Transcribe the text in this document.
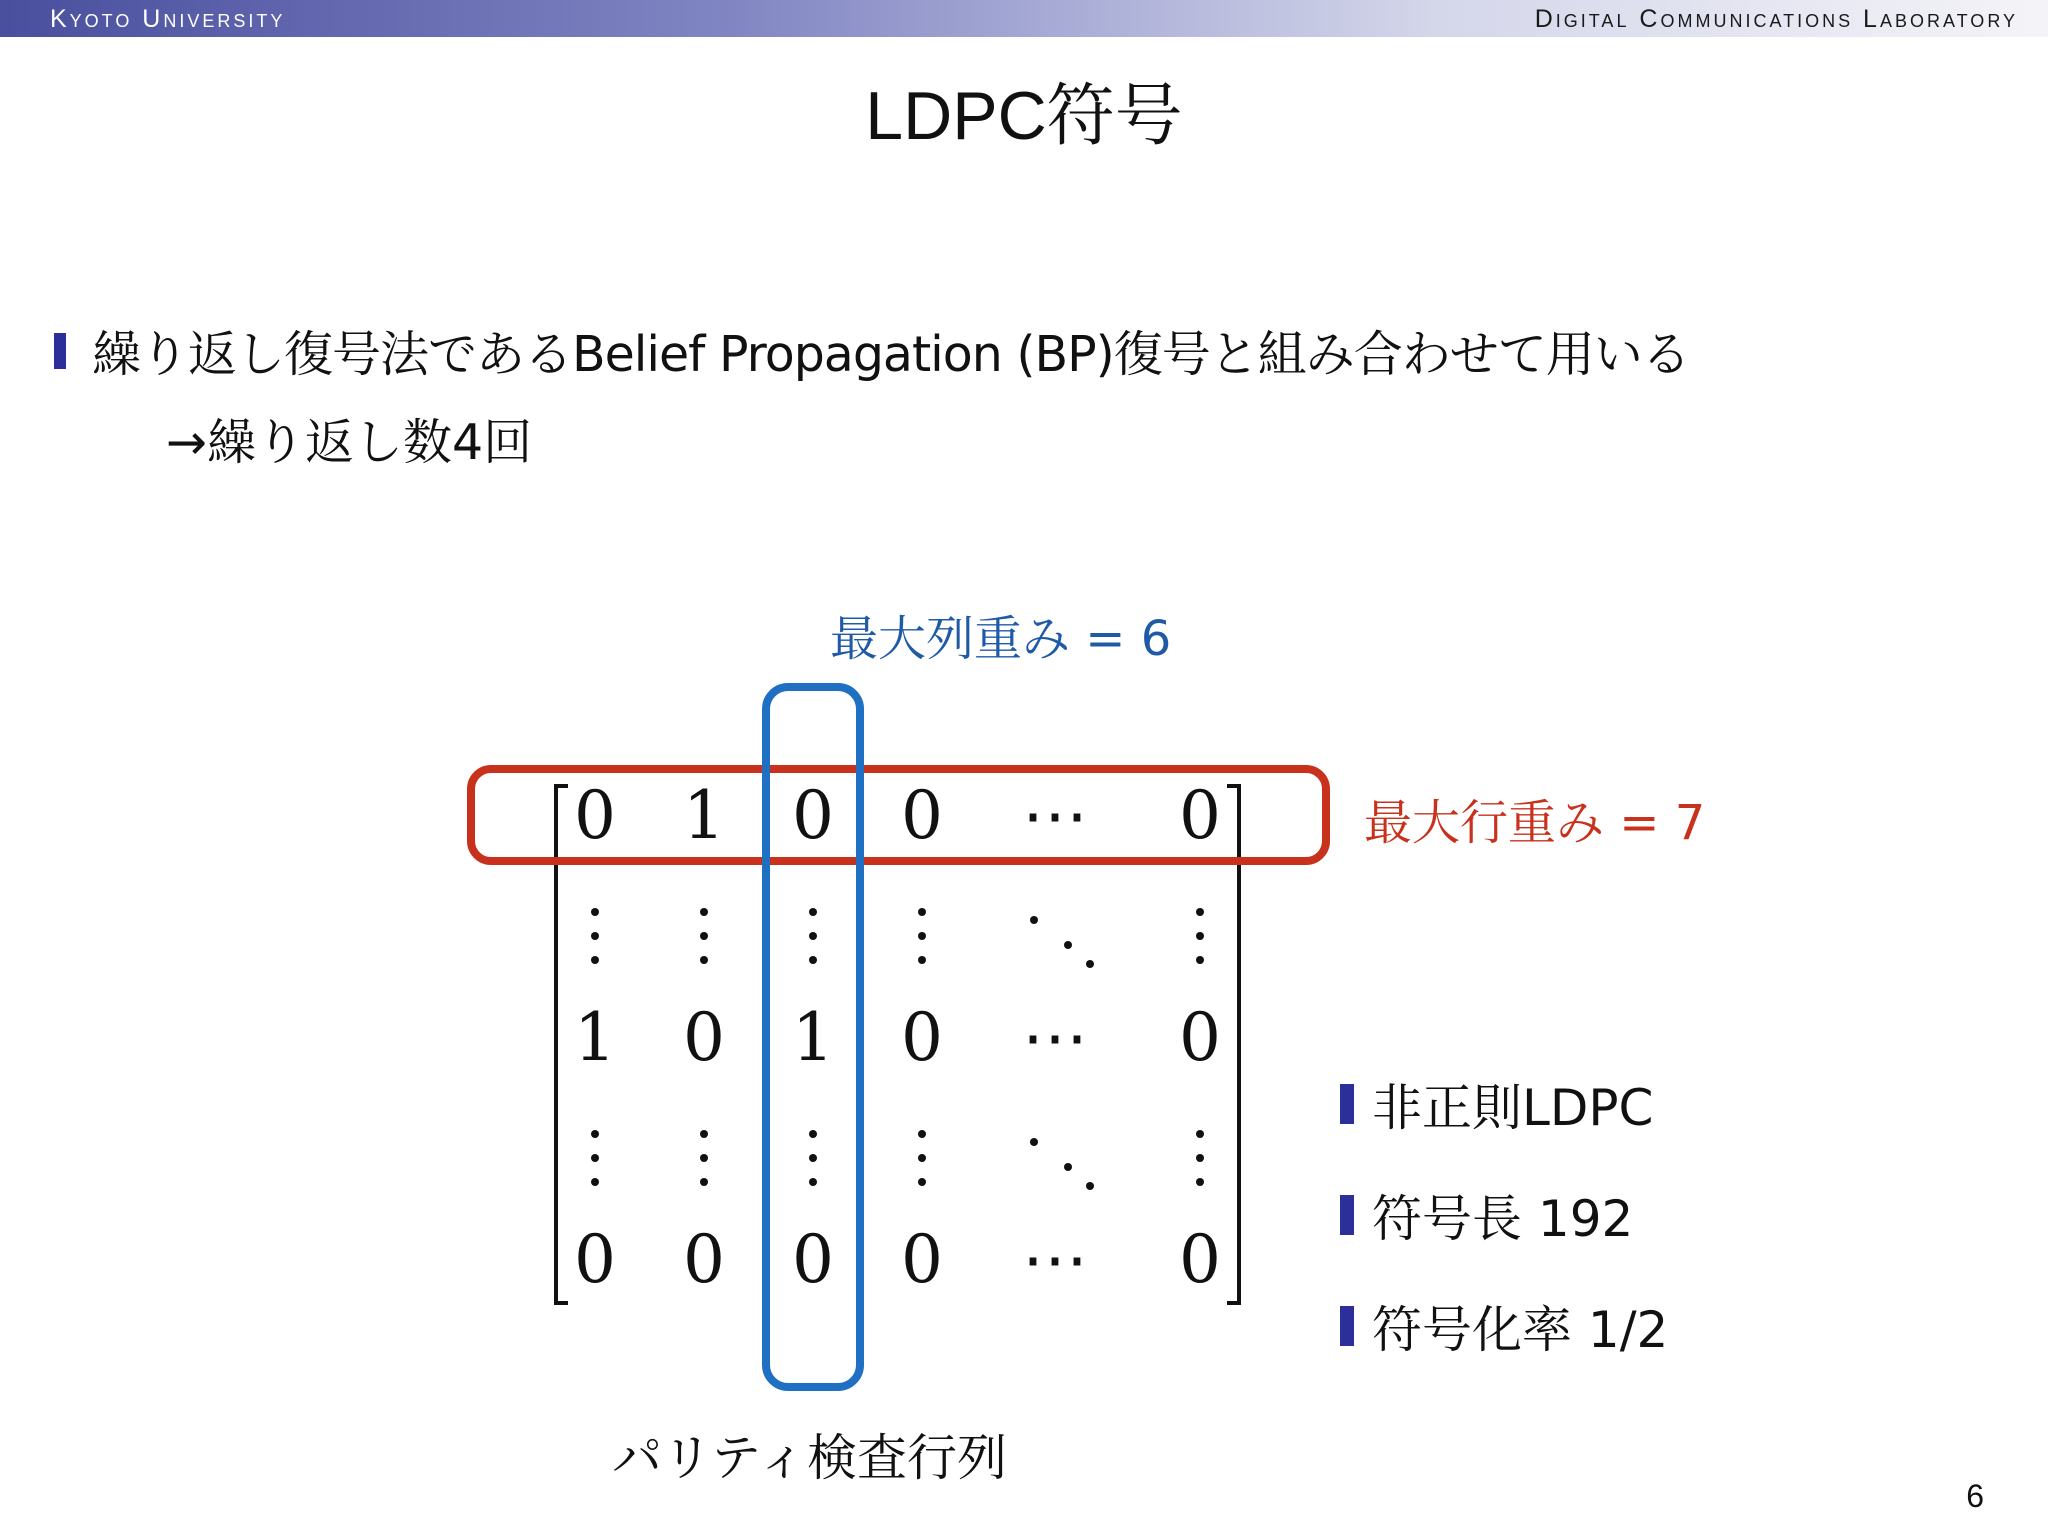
Kyoto University	Digital Communications Laboratory
LDPC符号
繰り返し復号法であるBelief Propagation (BP)復号と組み合わせて用いる
→繰り返し数4回
最大列重み = 6
最大行重み = 7
0 1 0 0 ⋯ 0
1 0 1 0 ⋯ 0
0 0 0 0 ⋯ 0
パリティ検査行列
非正則LDPC
符号長 192
符号化率 1/2
6
